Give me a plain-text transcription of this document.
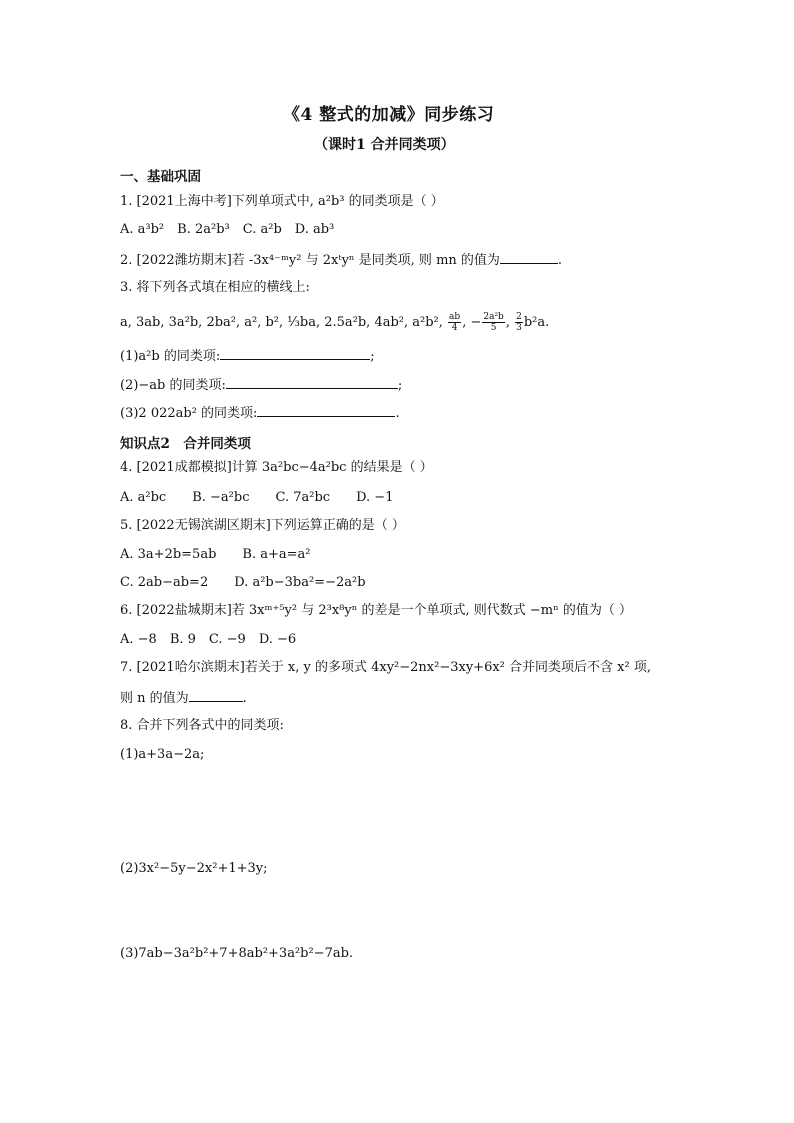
《4 整式的加减》同步练习
（课时1 合并同类项）
一、基础巩固
1. [2021上海中考]下列单项式中, a²b³ 的同类项是（ ）
A. a³b²　B. 2a²b³　C. a²b　D. ab³
2. [2022潍坊期末]若 -3x⁴⁻ᵐy² 与 2xᵗyⁿ 是同类项, 则 mn 的值为	.
3. 将下列各式填在相应的横线上:
a, 3ab, 3a²b, 2ba², a², b², ⅓ba, 2.5a²b, 4ab², a²b², $\frac{ab}{4}$ , − $\frac{\text{2a²b}}{5}$ , $\frac{2}{3} b^2a$.
(1)a²b 的同类项:	;
(2)−ab 的同类项:	;
(3)2 022ab² 的同类项:	.
知识点2　合并同类项
4. [2021成都模拟]计算 3a²bc−4a²bc 的结果是（ ）
A. a²bc　　B. −a²bc　　C. 7a²bc　　D. −1
5. [2022无锡滨湖区期末]下列运算正确的是（ ）
A. 3a+2b=5ab　　B. a+a=a²
C. 2ab−ab=2　　D. a²b−3ba²=−2a²b
6. [2022盐城期末]若 3xᵐ⁺⁵y² 与 2³x⁸yⁿ 的差是一个单项式, 则代数式 −mⁿ 的值为（ ）
A. −8　B. 9　C. −9　D. −6
7. [2021哈尔滨期末]若关于 x, y 的多项式 4xy²−2nx²−3xy+6x² 合并同类项后不含 x² 项,
则 n 的值为	.
8. 合并下列各式中的同类项:
(1)a+3a−2a;
(2)3x²−5y−2x²+1+3y;
(3)7ab−3a²b²+7+8ab²+3a²b²−7ab.
